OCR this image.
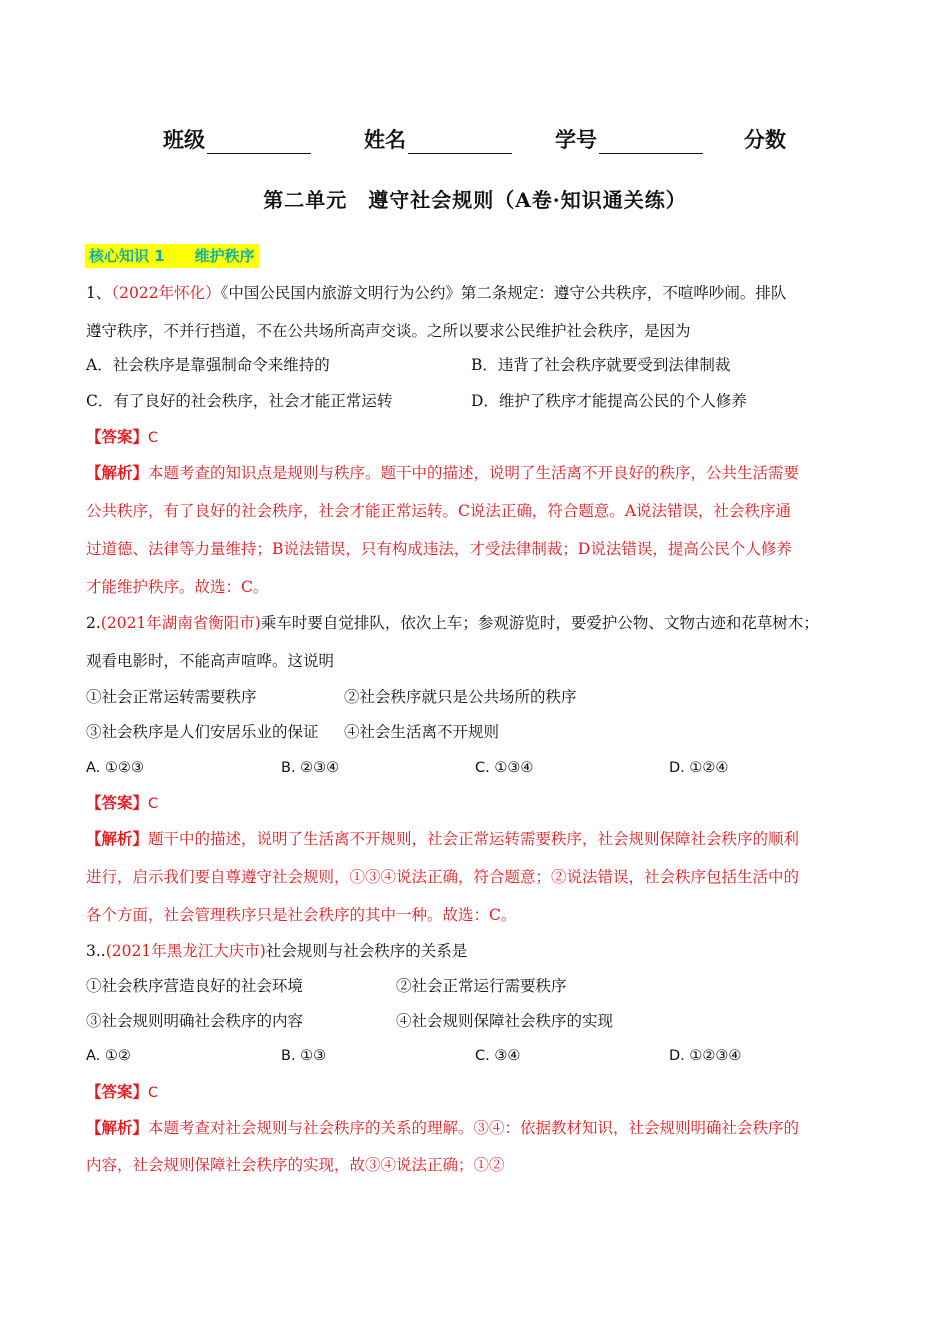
班级	姓名	学号	分数
第二单元　遵守社会规则（A卷·知识通关练）
核心知识 1 维护秩序
1、（2022年怀化）《中国公民国内旅游文明行为公约》第二条规定：遵守公共秩序，不喧哗吵闹。排队
遵守秩序，不并行挡道，不在公共场所高声交谈。之所以要求公民维护社会秩序，是因为
A．社会秩序是靠强制命令来维持的	B．违背了社会秩序就要受到法律制裁
C．有了良好的社会秩序，社会才能正常运转	D．维护了秩序才能提高公民的个人修养
【答案】C
【解析】本题考查的知识点是规则与秩序。题干中的描述，说明了生活离不开良好的秩序，公共生活需要
公共秩序，有了良好的社会秩序，社会才能正常运转。C说法正确，符合题意。A说法错误，社会秩序通
过道德、法律等力量维持；B说法错误，只有构成违法，才受法律制裁；D说法错误，提高公民个人修养
才能维护秩序。故选：C。
2.(2021年湖南省衡阳市)乘车时要自觉排队，依次上车；参观游览时，要爱护公物、文物古迹和花草树木；
观看电影时，不能高声喧哗。这说明
①社会正常运转需要秩序	②社会秩序就只是公共场所的秩序
③社会秩序是人们安居乐业的保证 ④社会生活离不开规则
A. ①②③	B. ②③④	C. ①③④	D. ①②④
【答案】C
【解析】题干中的描述，说明了生活离不开规则，社会正常运转需要秩序，社会规则保障社会秩序的顺利
进行，启示我们要自尊遵守社会规则，①③④说法正确，符合题意；②说法错误，社会秩序包括生活中的
各个方面，社会管理秩序只是社会秩序的其中一种。故选：C。
3..(2021年黑龙江大庆市)社会规则与社会秩序的关系是
①社会秩序营造良好的社会环境	②社会正常运行需要秩序
③社会规则明确社会秩序的内容	④社会规则保障社会秩序的实现
A. ①②	B. ①③	C. ③④	D. ①②③④
【答案】C
【解析】本题考查对社会规则与社会秩序的关系的理解。③④：依据教材知识，社会规则明确社会秩序的
内容，社会规则保障社会秩序的实现，故③④说法正确；①②
